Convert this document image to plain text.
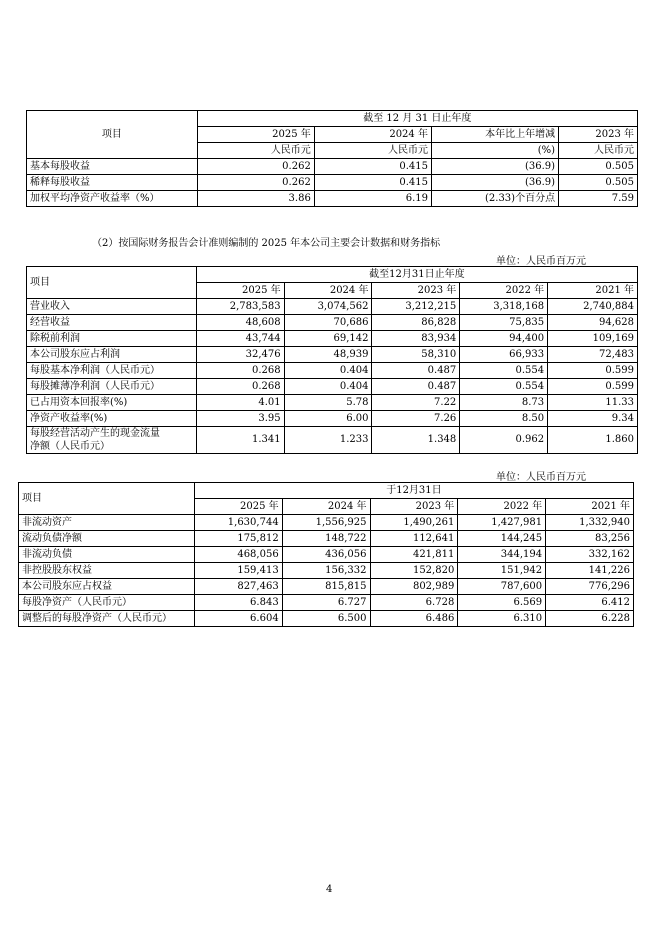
项目	截至 12 月 31 日止年度			
	2025 年	2024 年	本年比上年增减	2023 年
	人民币元	人民币元	(%)	人民币元
基本每股收益	0.262	0.415	(36.9)	0.505
稀释每股收益	0.262	0.415	(36.9)	0.505
加权平均净资产收益率（%）	3.86	6.19	(2.33)个百分点	7.59
（2）按国际财务报告会计准则编制的 2025 年本公司主要会计数据和财务指标
单位：人民币百万元
项目	截至12月31日止年度				
	2025 年	2024 年	2023 年	2022 年	2021 年
营业收入	2,783,583	3,074,562	3,212,215	3,318,168	2,740,884
经营收益	48,608	70,686	86,828	75,835	94,628
除税前利润	43,744	69,142	83,934	94,400	109,169
本公司股东应占利润	32,476	48,939	58,310	66,933	72,483
每股基本净利润（人民币元）	0.268	0.404	0.487	0.554	0.599
每股摊薄净利润（人民币元）	0.268	0.404	0.487	0.554	0.599
已占用资本回报率(%)	4.01	5.78	7.22	8.73	11.33
净资产收益率(%)	3.95	6.00	7.26	8.50	9.34

每股经营活动产生的现金流量
净额（人民币元）	1.341	1.233	1.348	0.962	1.860
单位：人民币百万元
项目	于12月31日				
	2025 年	2024 年	2023 年	2022 年	2021 年
非流动资产	1,630,744	1,556,925	1,490,261	1,427,981	1,332,940
流动负债净额	175,812	148,722	112,641	144,245	83,256
非流动负债	468,056	436,056	421,811	344,194	332,162
非控股股东权益	159,413	156,332	152,820	151,942	141,226
本公司股东应占权益	827,463	815,815	802,989	787,600	776,296
每股净资产（人民币元）	6.843	6.727	6.728	6.569	6.412
调整后的每股净资产（人民币元）	6.604	6.500	6.486	6.310	6.228
4
